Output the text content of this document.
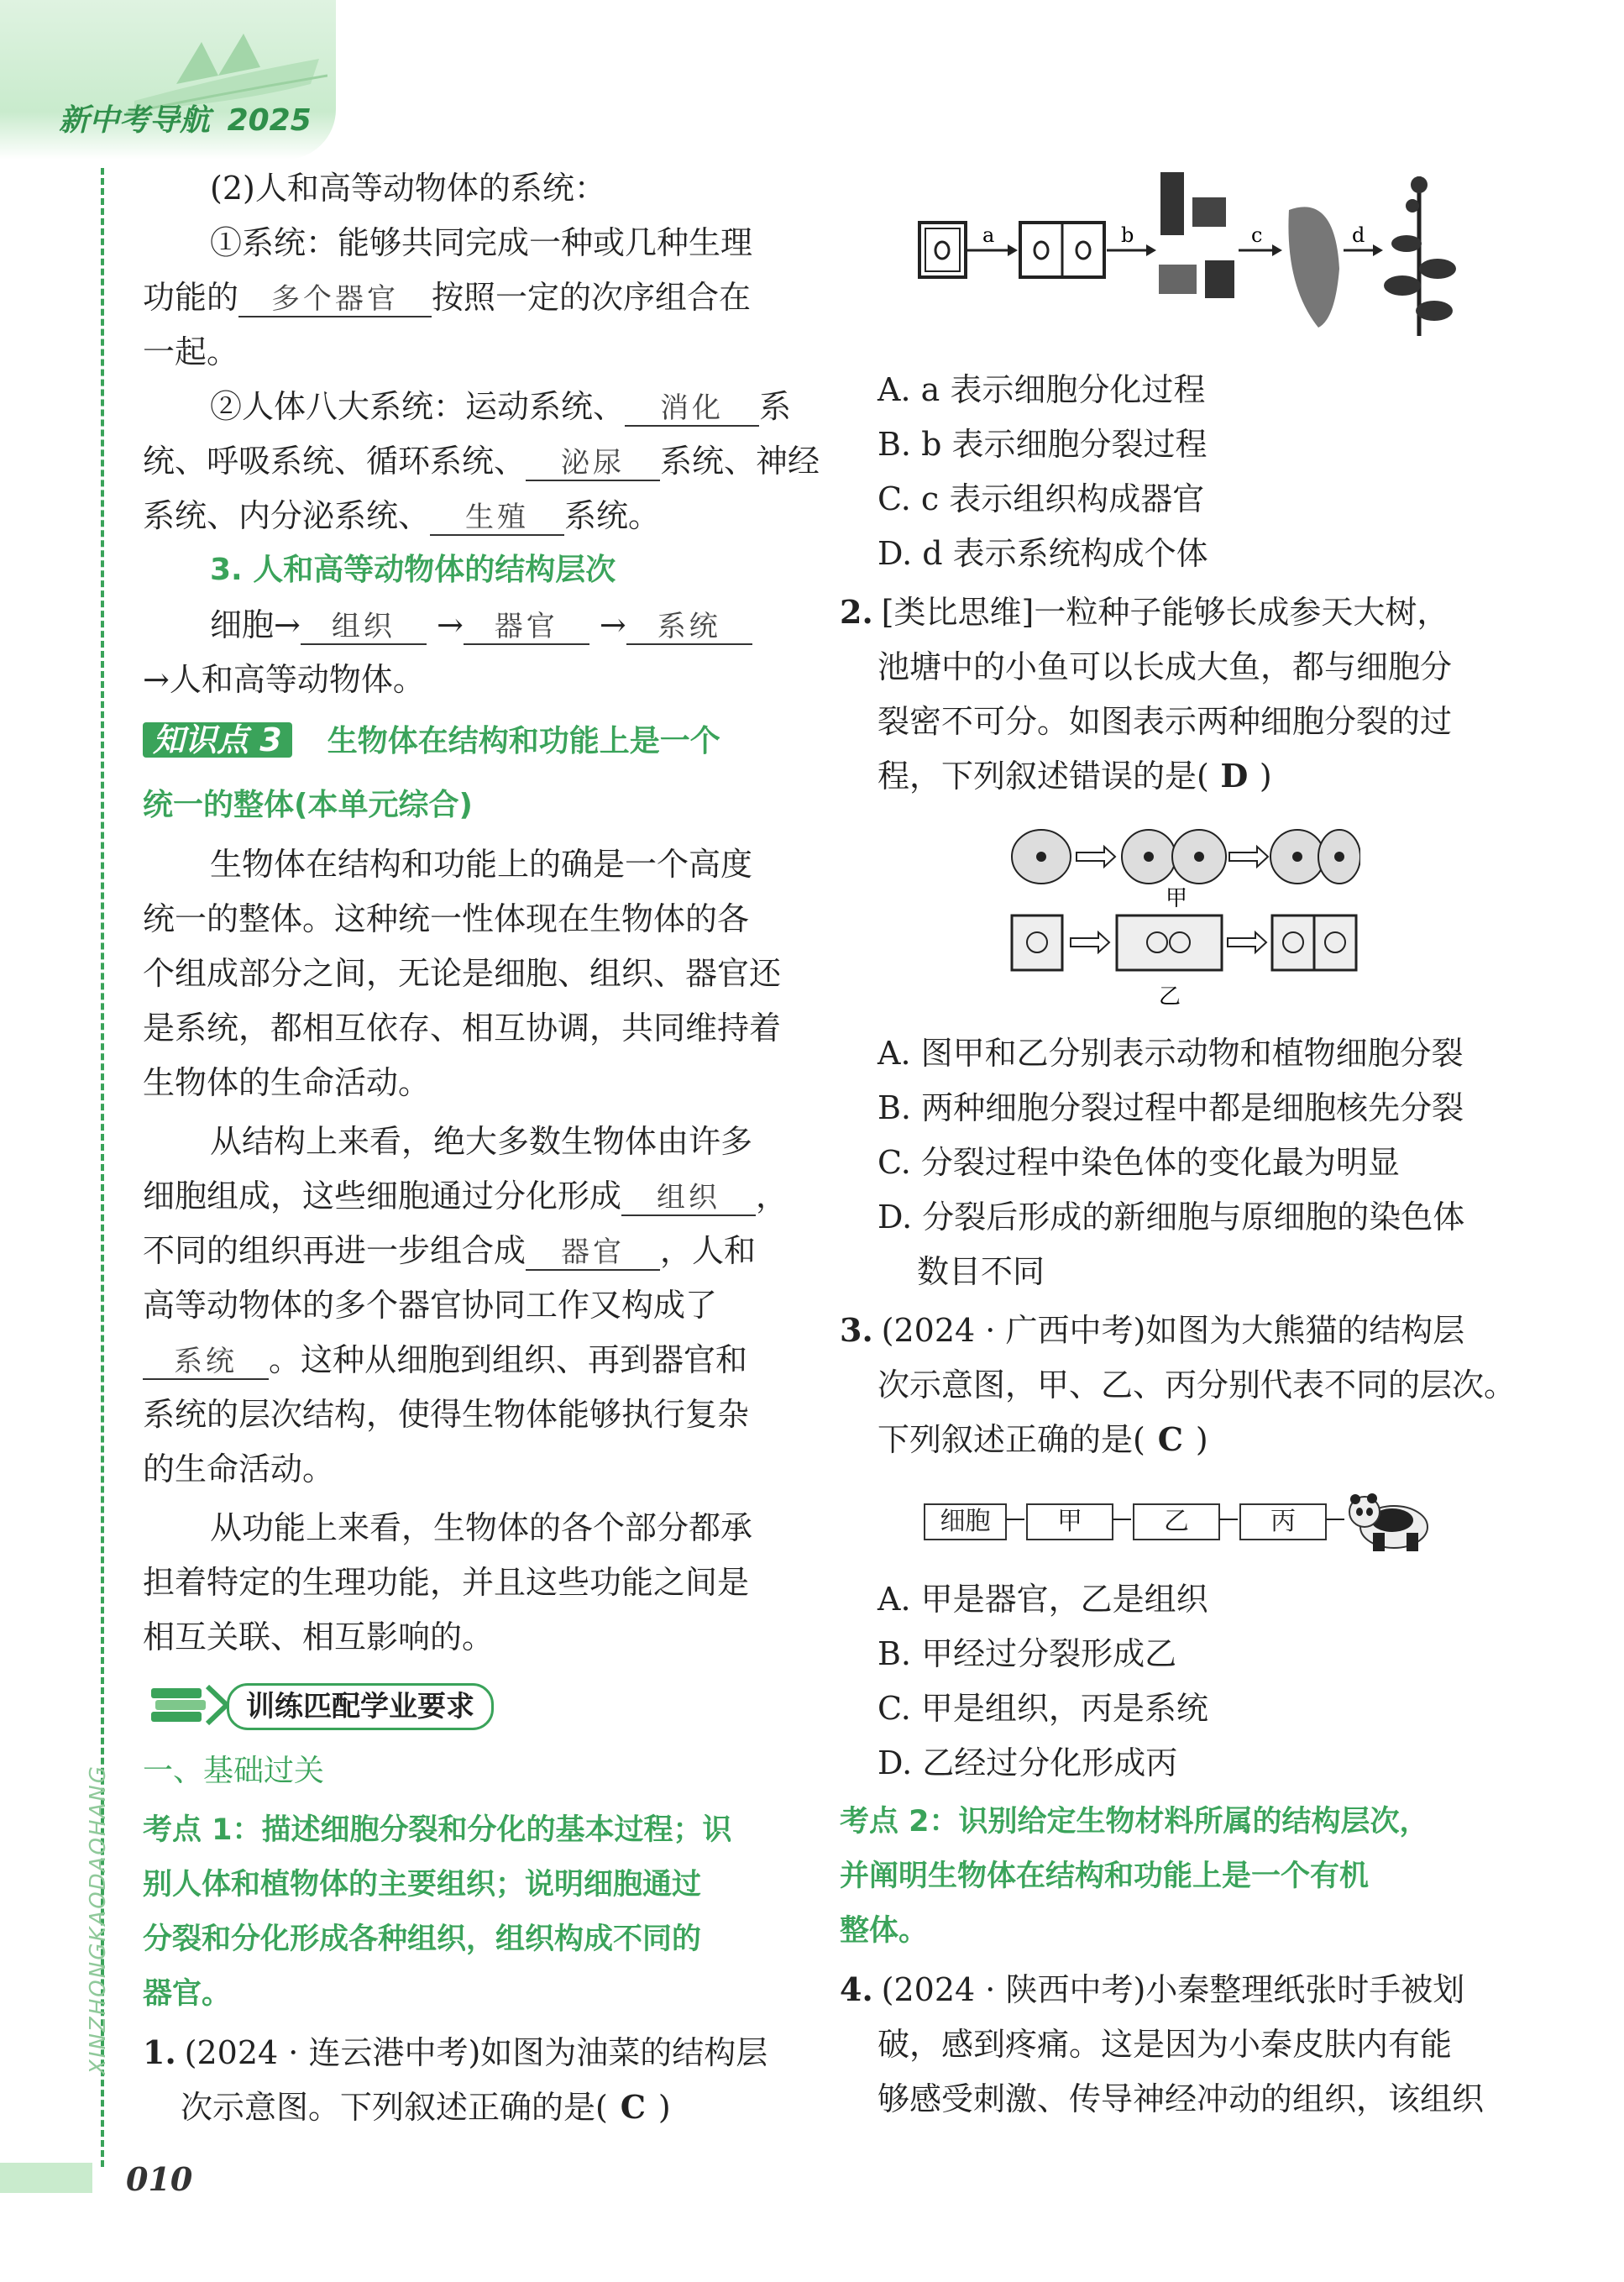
新中考导航 2025
XINZHONGKAODAOHANG
010
(2)人和高等动物体的系统：
①系统：能够共同完成一种或几种生理
功能的 多个器官 按照一定的次序组合在
一起。
②人体八大系统：运动系统、 消化 系
统、呼吸系统、循环系统、 泌尿 系统、神经
系统、内分泌系统、 生殖 系统。
3. 人和高等动物体的结构层次
细胞→ 组织 → 器官 → 系统
→人和高等动物体。
知识点 3 生物体在结构和功能上是一个
统一的整体(本单元综合)
生物体在结构和功能上的确是一个高度
统一的整体。这种统一性体现在生物体的各
个组成部分之间，无论是细胞、组织、器官还
是系统，都相互依存、相互协调，共同维持着
生物体的生命活动。
从结构上来看，绝大多数生物体由许多
细胞组成，这些细胞通过分化形成 组织 ，
不同的组织再进一步组合成 器官 ，人和
高等动物体的多个器官协同工作又构成了
系统 。这种从细胞到组织、再到器官和
系统的层次结构，使得生物体能够执行复杂
的生命活动。
从功能上来看，生物体的各个部分都承
担着特定的生理功能，并且这些功能之间是
相互关联、相互影响的。
训练匹配学业要求
一、基础过关
考点 1：描述细胞分裂和分化的基本过程；识
别人体和植物体的主要组织；说明细胞通过
分裂和分化形成各种组织，组织构成不同的
器官。
1. (2024 · 连云港中考)如图为油菜的结构层
次示意图。下列叙述正确的是( C )
a	b	c	d
A. a 表示细胞分化过程
B. b 表示细胞分裂过程
C. c 表示组织构成器官
D. d 表示系统构成个体
2. [类比思维]一粒种子能够长成参天大树，
池塘中的小鱼可以长成大鱼，都与细胞分
裂密不可分。如图表示两种细胞分裂的过
程，下列叙述错误的是( D )
甲
乙
A. 图甲和乙分别表示动物和植物细胞分裂
B. 两种细胞分裂过程中都是细胞核先分裂
C. 分裂过程中染色体的变化最为明显
D. 分裂后形成的新细胞与原细胞的染色体
数目不同
3. (2024 · 广西中考)如图为大熊猫的结构层
次示意图，甲、乙、丙分别代表不同的层次。
下列叙述正确的是( C )
细胞	甲	乙	丙
A. 甲是器官，乙是组织
B. 甲经过分裂形成乙
C. 甲是组织，丙是系统
D. 乙经过分化形成丙
考点 2：识别给定生物材料所属的结构层次，
并阐明生物体在结构和功能上是一个有机
整体。
4. (2024 · 陕西中考)小秦整理纸张时手被划
破，感到疼痛。这是因为小秦皮肤内有能
够感受刺激、传导神经冲动的组织，该组织
